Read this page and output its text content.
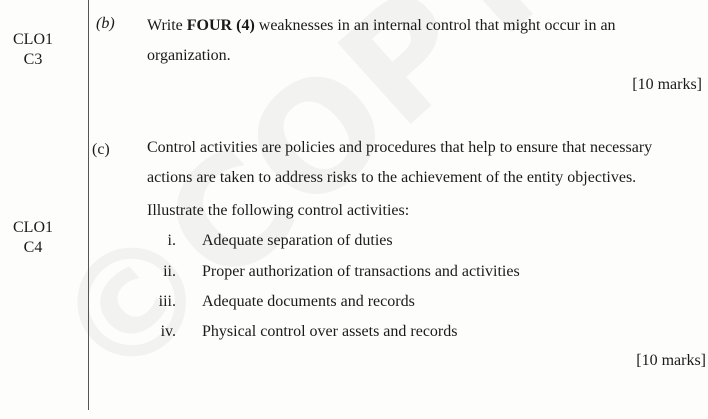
CLO1
C3
CLO1
C4
(b) Write FOUR (4) weaknesses in an internal control that might occur in an
organization.
[10 marks]
(c) Control activities are policies and procedures that help to ensure that necessary
actions are taken to address risks to the achievement of the entity objectives.
Illustrate the following control activities:
i. Adequate separation of duties
ii. Proper authorization of transactions and activities
iii. Adequate documents and records
iv. Physical control over assets and records
[10 marks]
